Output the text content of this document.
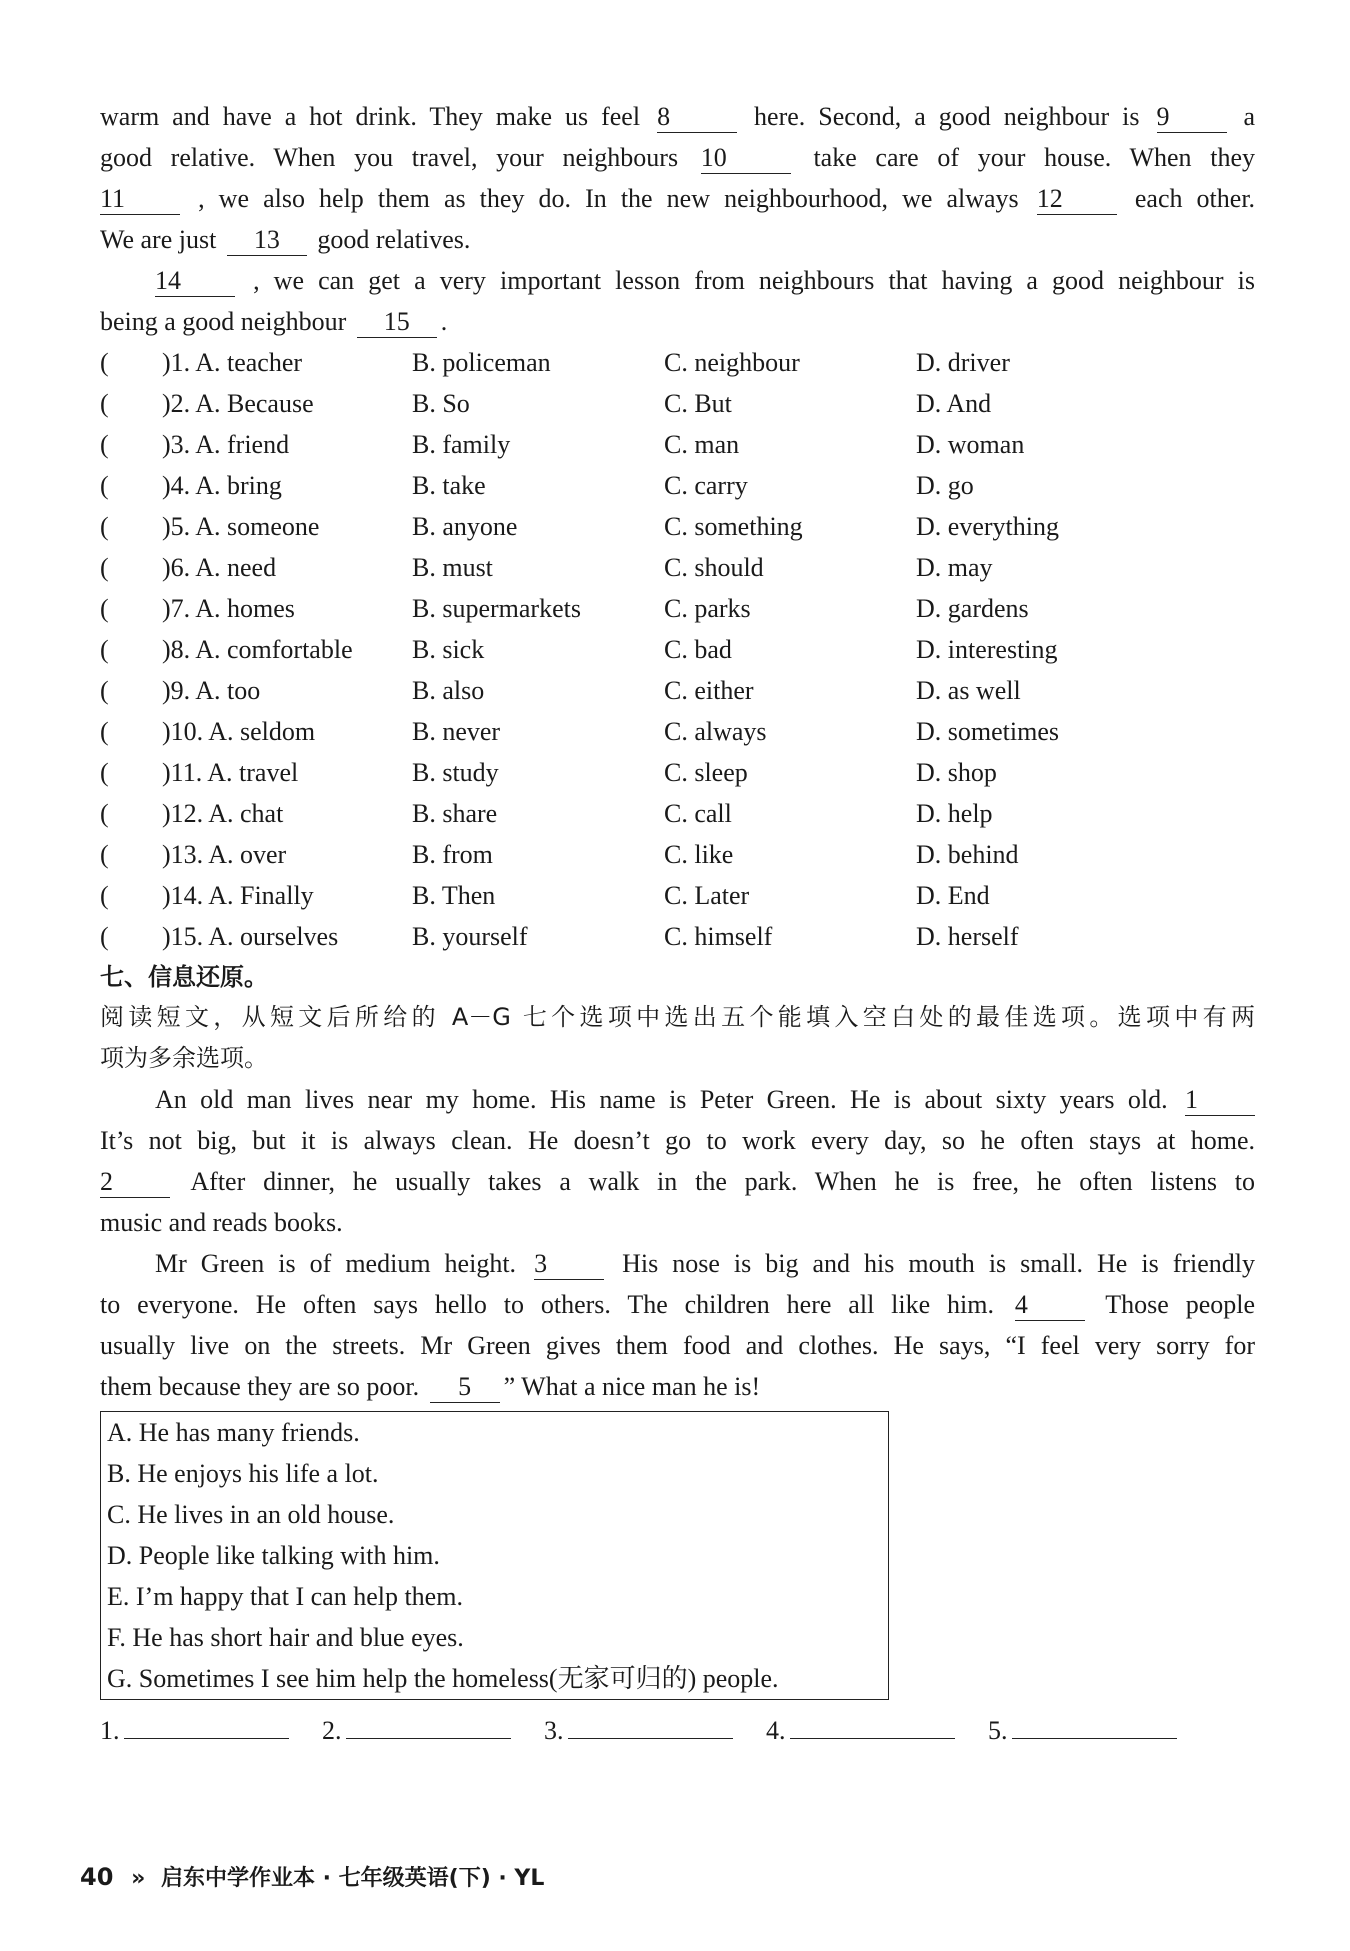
warm and have a hot drink. They make us feel 8	here. Second, a good neighbour is 9	a
good relative. When you travel, your neighbours 10	take care of your house. When they
11	, we also help them as they do. In the new neighbourhood, we always 12	each other.
We are just 13 good relatives.
14	, we can get a very important lesson from neighbours that having a good neighbour is
being a good neighbour 15 .
( )1. A. teacher	B. policeman	C. neighbour	D. driver
( )2. A. Because	B. So	C. But	D. And
( )3. A. friend	B. family	C. man	D. woman
( )4. A. bring	B. take	C. carry	D. go
( )5. A. someone	B. anyone	C. something	D. everything
( )6. A. need	B. must	C. should	D. may
( )7. A. homes	B. supermarkets	C. parks	D. gardens
( )8. A. comfortable	B. sick	C. bad	D. interesting
( )9. A. too	B. also	C. either	D. as well
( )10. A. seldom	B. never	C. always	D. sometimes
( )11. A. travel	B. study	C. sleep	D. shop
( )12. A. chat	B. share	C. call	D. help
( )13. A. over	B. from	C. like	D. behind
( )14. A. Finally	B. Then	C. Later	D. End
( )15. A. ourselves	B. yourself	C. himself	D. herself
七、信息还原。
阅读短文，从短文后所给的 A－G 七个选项中选出五个能填入空白处的最佳选项。选项中有两
项为多余选项。
An old man lives near my home. His name is Peter Green. He is about sixty years old. 1
It’s not big, but it is always clean. He doesn’t go to work every day, so he often stays at home.
2	After dinner, he usually takes a walk in the park. When he is free, he often listens to
music and reads books.
Mr Green is of medium height. 3	His nose is big and his mouth is small. He is friendly
to everyone. He often says hello to others. The children here all like him. 4	Those people
usually live on the streets. Mr Green gives them food and clothes. He says, “I feel very sorry for
them because they are so poor. 5 ” What a nice man he is!
A. He has many friends.
B. He enjoys his life a lot.
C. He lives in an old house.
D. People like talking with him.
E. I’m happy that I can help them.
F. He has short hair and blue eyes.
G. Sometimes I see him help the homeless(无家可归的) people.
1.	2.	3.	4.	5.
40 » 启东中学作业本 · 七年级英语(下) · YL
